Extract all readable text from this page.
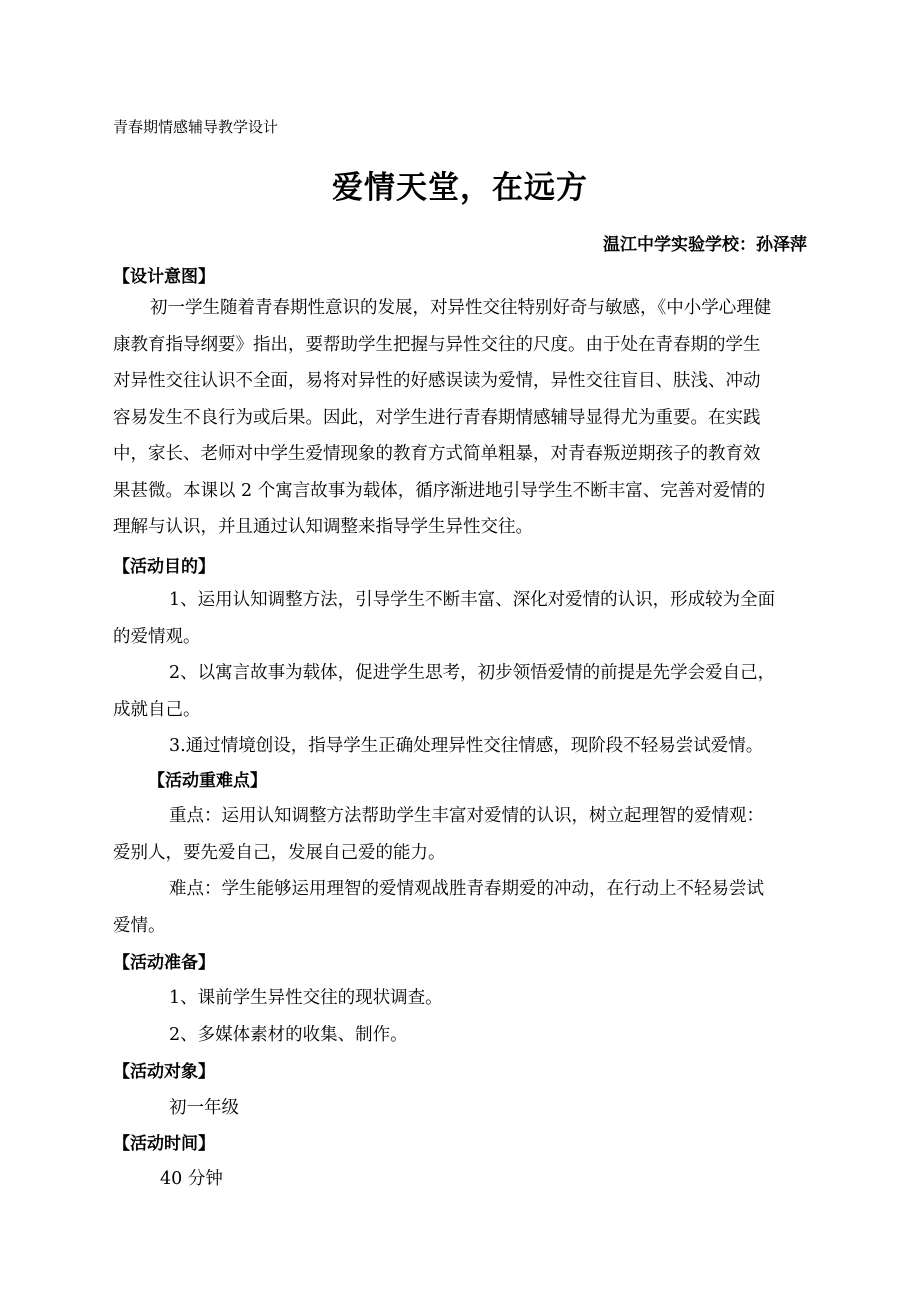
青春期情感辅导教学设计
爱情天堂，在远方
温江中学实验学校：孙泽萍
【设计意图】
初一学生随着青春期性意识的发展，对异性交往特别好奇与敏感，《中小学心理健
康教育指导纲要》指出，要帮助学生把握与异性交往的尺度。由于处在青春期的学生
对异性交往认识不全面，易将对异性的好感误读为爱情，异性交往盲目、肤浅、冲动
容易发生不良行为或后果。因此，对学生进行青春期情感辅导显得尤为重要。在实践
中，家长、老师对中学生爱情现象的教育方式简单粗暴，对青春叛逆期孩子的教育效
果甚微。本课以 2 个寓言故事为载体，循序渐进地引导学生不断丰富、完善对爱情的
理解与认识，并且通过认知调整来指导学生异性交往。
【活动目的】
1、运用认知调整方法，引导学生不断丰富、深化对爱情的认识，形成较为全面
的爱情观。
2、以寓言故事为载体，促进学生思考，初步领悟爱情的前提是先学会爱自己，
成就自己。
3.通过情境创设，指导学生正确处理异性交往情感，现阶段不轻易尝试爱情。
【活动重难点】
重点：运用认知调整方法帮助学生丰富对爱情的认识，树立起理智的爱情观：
爱别人，要先爱自己，发展自己爱的能力。
难点：学生能够运用理智的爱情观战胜青春期爱的冲动，在行动上不轻易尝试
爱情。
【活动准备】
1、课前学生异性交往的现状调查。
2、多媒体素材的收集、制作。
【活动对象】
初一年级
【活动时间】
40 分钟
